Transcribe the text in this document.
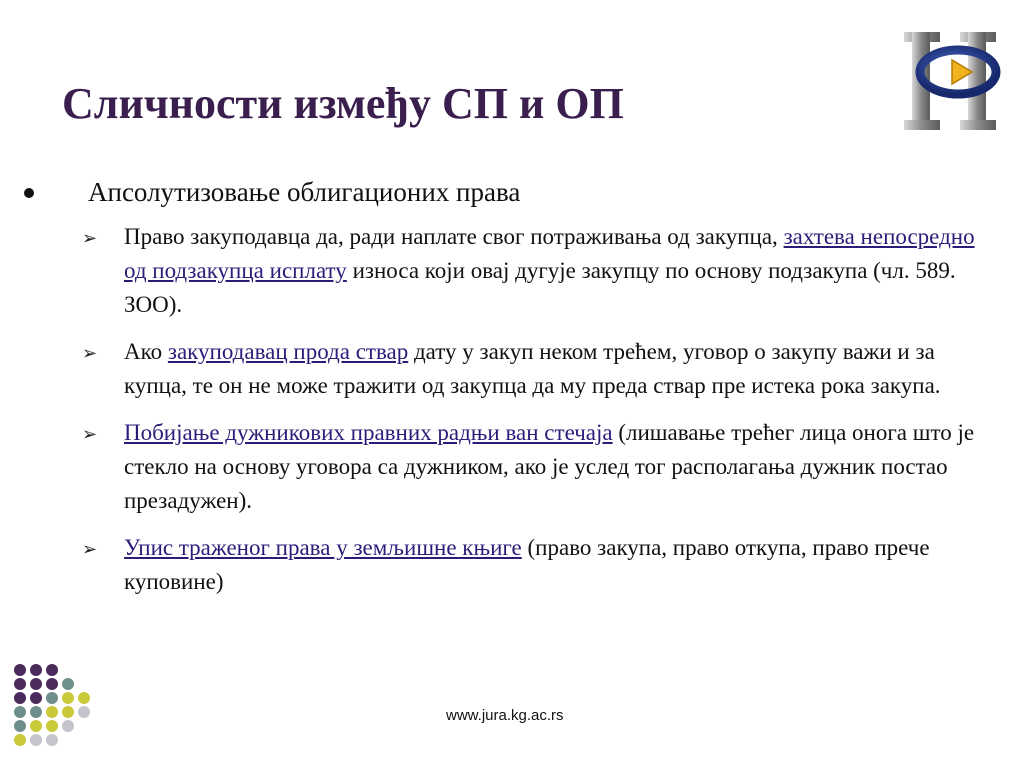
Сличности између СП и ОП
Апсолутизовање облигационих права
➢ Право закуподавца да, ради наплате свог потраживања од закупца, захтева непосредно од подзакупца исплату износа који овај дугује закупцу по основу подзакупа (чл. 589. ЗОО).
➢ Ако закуподавац прода ствар дату у закуп неком трећем, уговор о закупу важи и за купца, те он не може тражити од закупца да му преда ствар пре истека рока закупа.
➢ Побијање дужникових правних радњи ван стечаја (лишавање трећег лица онога што је стекло на основу уговора са дужником, ако је услед тог располагања дужник постао презадужен).
➢ Упис траженог права у земљишне књиге (право закупа, право откупа, право прече куповине)
www.jura.kg.ac.rs
